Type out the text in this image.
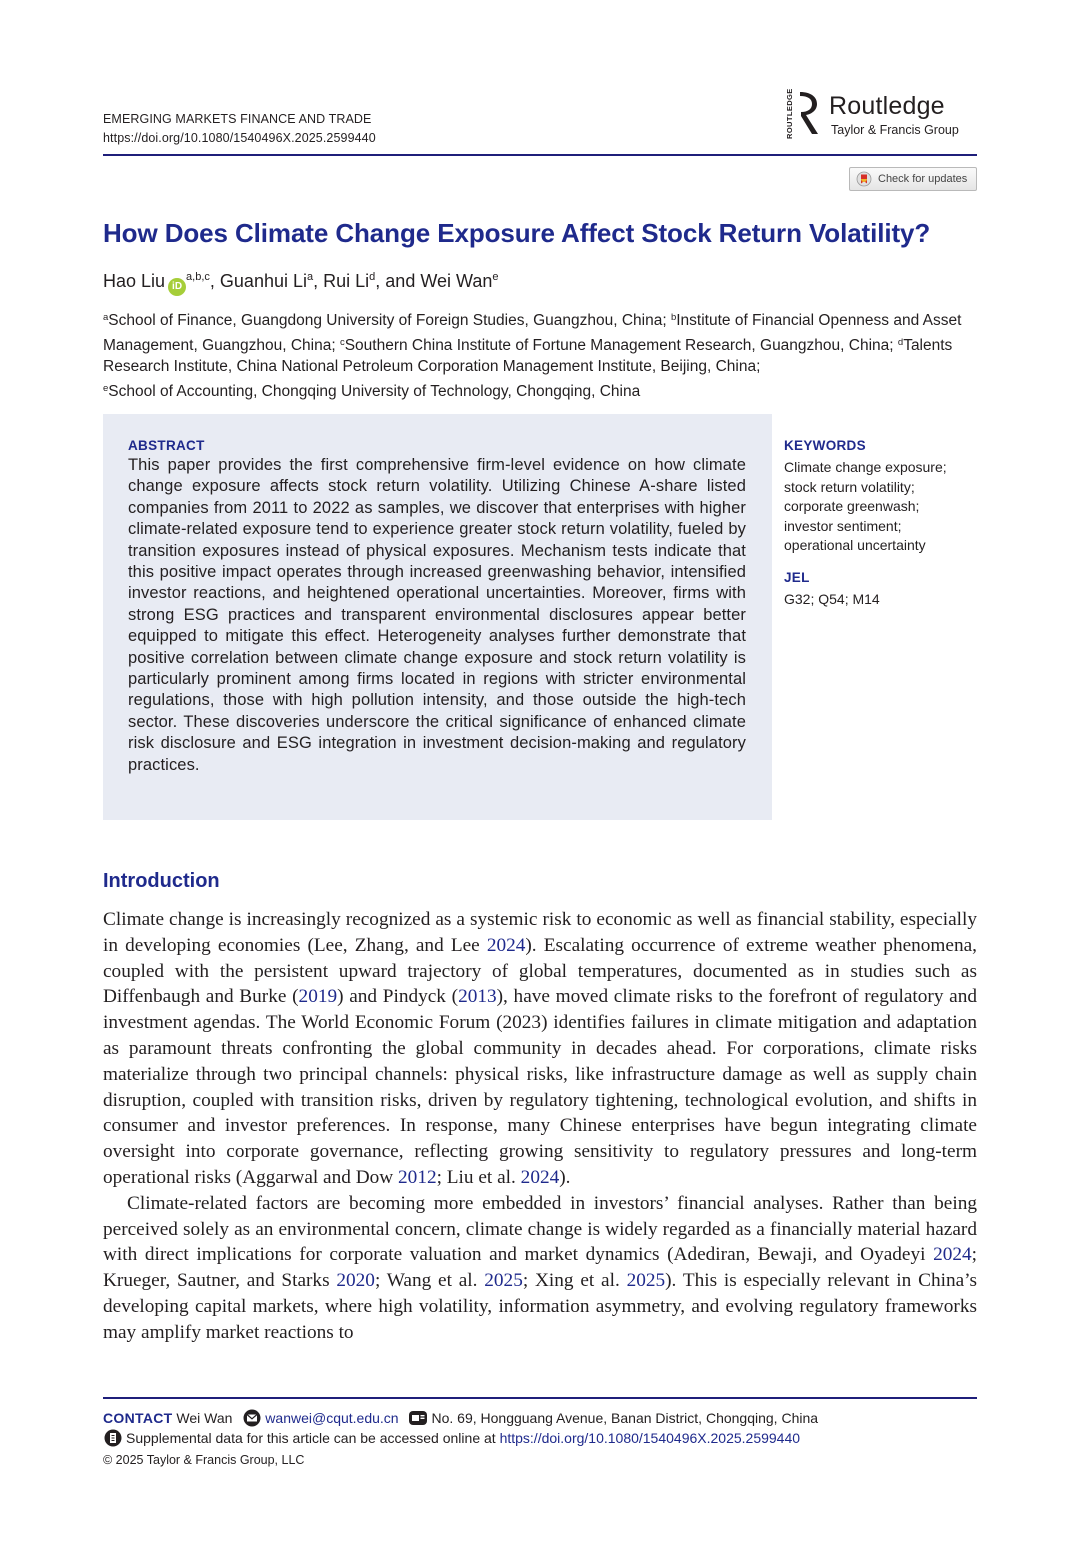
EMERGING MARKETS FINANCE AND TRADE
https://doi.org/10.1080/1540496X.2025.2599440	ROUTLEDGE Routledge
Taylor & Francis Group
Check for updates
How Does Climate Change Exposure Affect Stock Return Volatility?
Hao Liu iD$^{a,b,c}$, Guanhui Li$^a$, Rui Li$^d$, and Wei Wan$^e$
$^a$School of Finance, Guangdong University of Foreign Studies, Guangzhou, China; $^b$Institute of Financial Openness and Asset Management, Guangzhou, China; $^c$Southern China Institute of Fortune Management Research, Guangzhou, China; $^d$Talents Research Institute, China National Petroleum Corporation Management Institute, Beijing, China;
$^e$School of Accounting, Chongqing University of Technology, Chongqing, China
ABSTRACT
This paper provides the first comprehensive firm-level evidence on how climate change exposure affects stock return volatility. Utilizing Chinese A-share listed companies from 2011 to 2022 as samples, we discover that enterprises with higher climate-related exposure tend to experience greater stock return volatility, fueled by transition exposures instead of physical exposures. Mechanism tests indicate that this positive impact operates through increased greenwashing behavior, intensified investor reactions, and heightened operational uncertainties. Moreover, firms with strong ESG practices and transparent environmental disclosures appear better equipped to mitigate this effect. Heterogeneity analyses further demonstrate that positive correlation between climate change exposure and stock return volatility is particularly prominent among firms located in regions with stricter environmental regulations, those with high pollution intensity, and those outside the high-tech sector. These discoveries underscore the critical significance of enhanced climate risk disclosure and ESG integration in investment decision-making and regulatory practices.
KEYWORDS
Climate change exposure;
stock return volatility;
corporate greenwash;
investor sentiment;
operational uncertainty
JEL
G32; Q54; M14
Introduction

Climate change is increasingly recognized as a systemic risk to economic as well as financial stability, especially in developing economies (Lee, Zhang, and Lee 2024). Escalating occurrence of extreme weather phenomena, coupled with the persistent upward trajectory of global temperatures, documented as in studies such as Diffenbaugh and Burke (2019) and Pindyck (2013), have moved climate risks to the forefront of regulatory and investment agendas. The World Economic Forum (2023) identifies failures in climate mitigation and adaptation as paramount threats confronting the global community in decades ahead. For corporations, climate risks materialize through two principal channels: physical risks, like infrastructure damage as well as supply chain disruption, coupled with transition risks, driven by regulatory tightening, technological evolution, and shifts in consumer and investor preferences. In response, many Chinese enterprises have begun integrating climate oversight into corporate governance, reflecting growing sensitivity to regulatory pressures and long-term operational risks (Aggarwal and Dow 2012; Liu et al. 2024).

Climate-related factors are becoming more embedded in investors’ financial analyses. Rather than being perceived solely as an environmental concern, climate change is widely regarded as a financially material hazard with direct implications for corporate valuation and market dynamics (Adediran, Bewaji, and Oyadeyi 2024; Krueger, Sautner, and Starks 2020; Wang et al. 2025; Xing et al. 2025). This is especially relevant in China’s developing capital markets, where high volatility, information asymmetry, and evolving regulatory frameworks may amplify market reactions to

CONTACT Wei Wan wanwei@cqut.edu.cn No. 69, Hongguang Avenue, Banan District, Chongqing, China
Supplemental data for this article can be accessed online at https://doi.org/10.1080/1540496X.2025.2599440
© 2025 Taylor & Francis Group, LLC
